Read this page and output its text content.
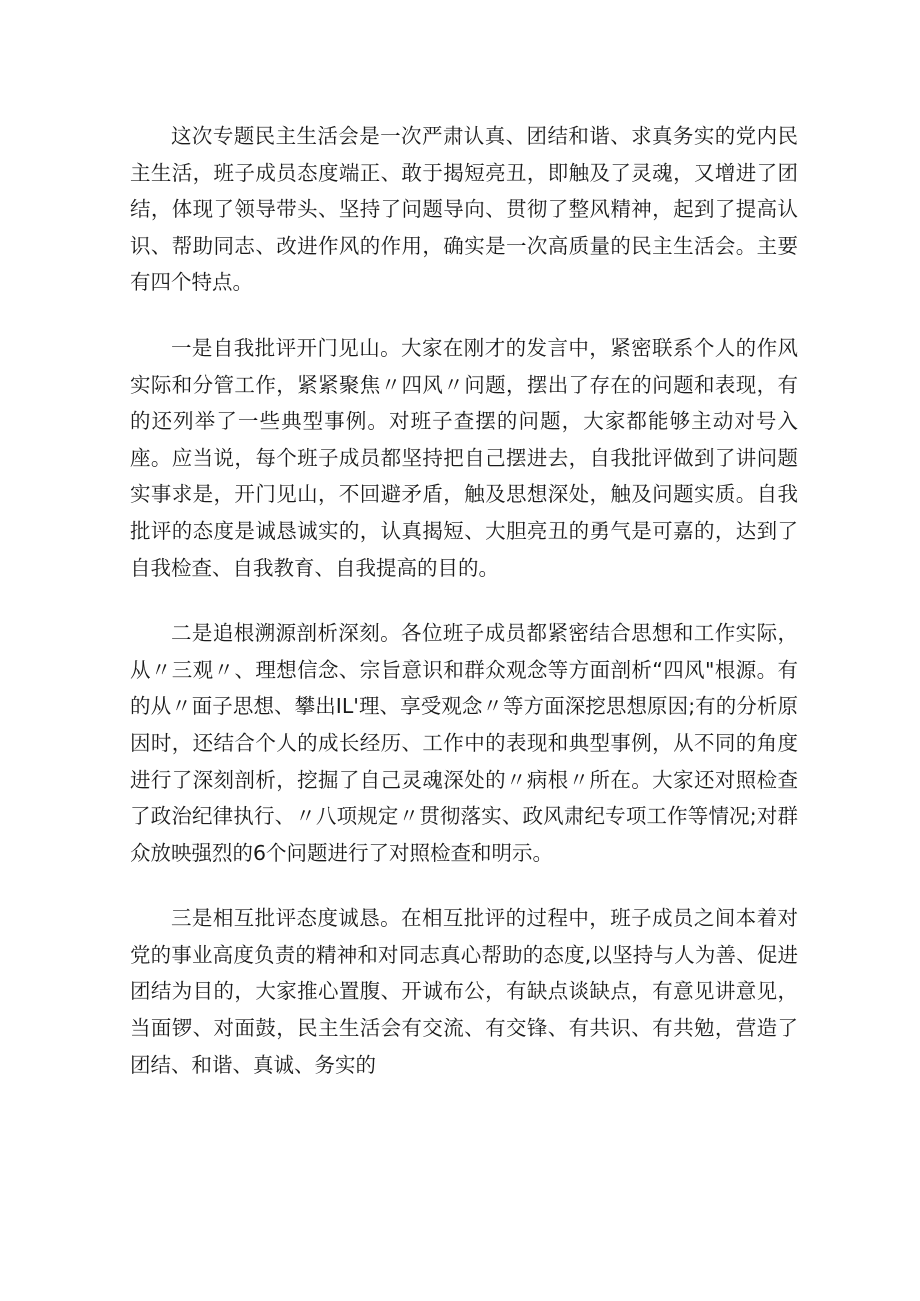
这次专题民主生活会是一次严肃认真、团结和谐、求真务实的党内民主生活，班子成员态度端正、敢于揭短亮丑，即触及了灵魂，又增进了团结，体现了领导带头、坚持了问题导向、贯彻了整风精神，起到了提高认识、帮助同志、改进作风的作用，确实是一次高质量的民主生活会。主要有四个特点。

一是自我批评开门见山。大家在刚才的发言中，紧密联系个人的作风实际和分管工作，紧紧聚焦〃四风〃问题，摆出了存在的问题和表现，有的还列举了一些典型事例。对班子查摆的问题，大家都能够主动对号入座。应当说，每个班子成员都坚持把自己摆进去，自我批评做到了讲问题实事求是，开门见山，不回避矛盾，触及思想深处，触及问题实质。自我批评的态度是诚恳诚实的，认真揭短、大胆亮丑的勇气是可嘉的，达到了自我检查、自我教育、自我提高的目的。

二是追根溯源剖析深刻。各位班子成员都紧密结合思想和工作实际，从〃三观〃、理想信念、宗旨意识和群众观念等方面剖析“四风"根源。有的从〃面子思想、攀出IL'理、享受观念〃等方面深挖思想原因;有的分析原因时，还结合个人的成长经历、工作中的表现和典型事例，从不同的角度进行了深刻剖析，挖掘了自己灵魂深处的〃病根〃所在。大家还对照检查了政治纪律执行、〃八项规定〃贯彻落实、政风肃纪专项工作等情况;对群众放映强烈的6个问题进行了对照检查和明示。

三是相互批评态度诚恳。在相互批评的过程中，班子成员之间本着对党的事业高度负责的精神和对同志真心帮助的态度,以坚持与人为善、促进团结为目的，大家推心置腹、开诚布公，有缺点谈缺点，有意见讲意见，当面锣、对面鼓，民主生活会有交流、有交锋、有共识、有共勉，营造了团结、和谐、真诚、务实的
